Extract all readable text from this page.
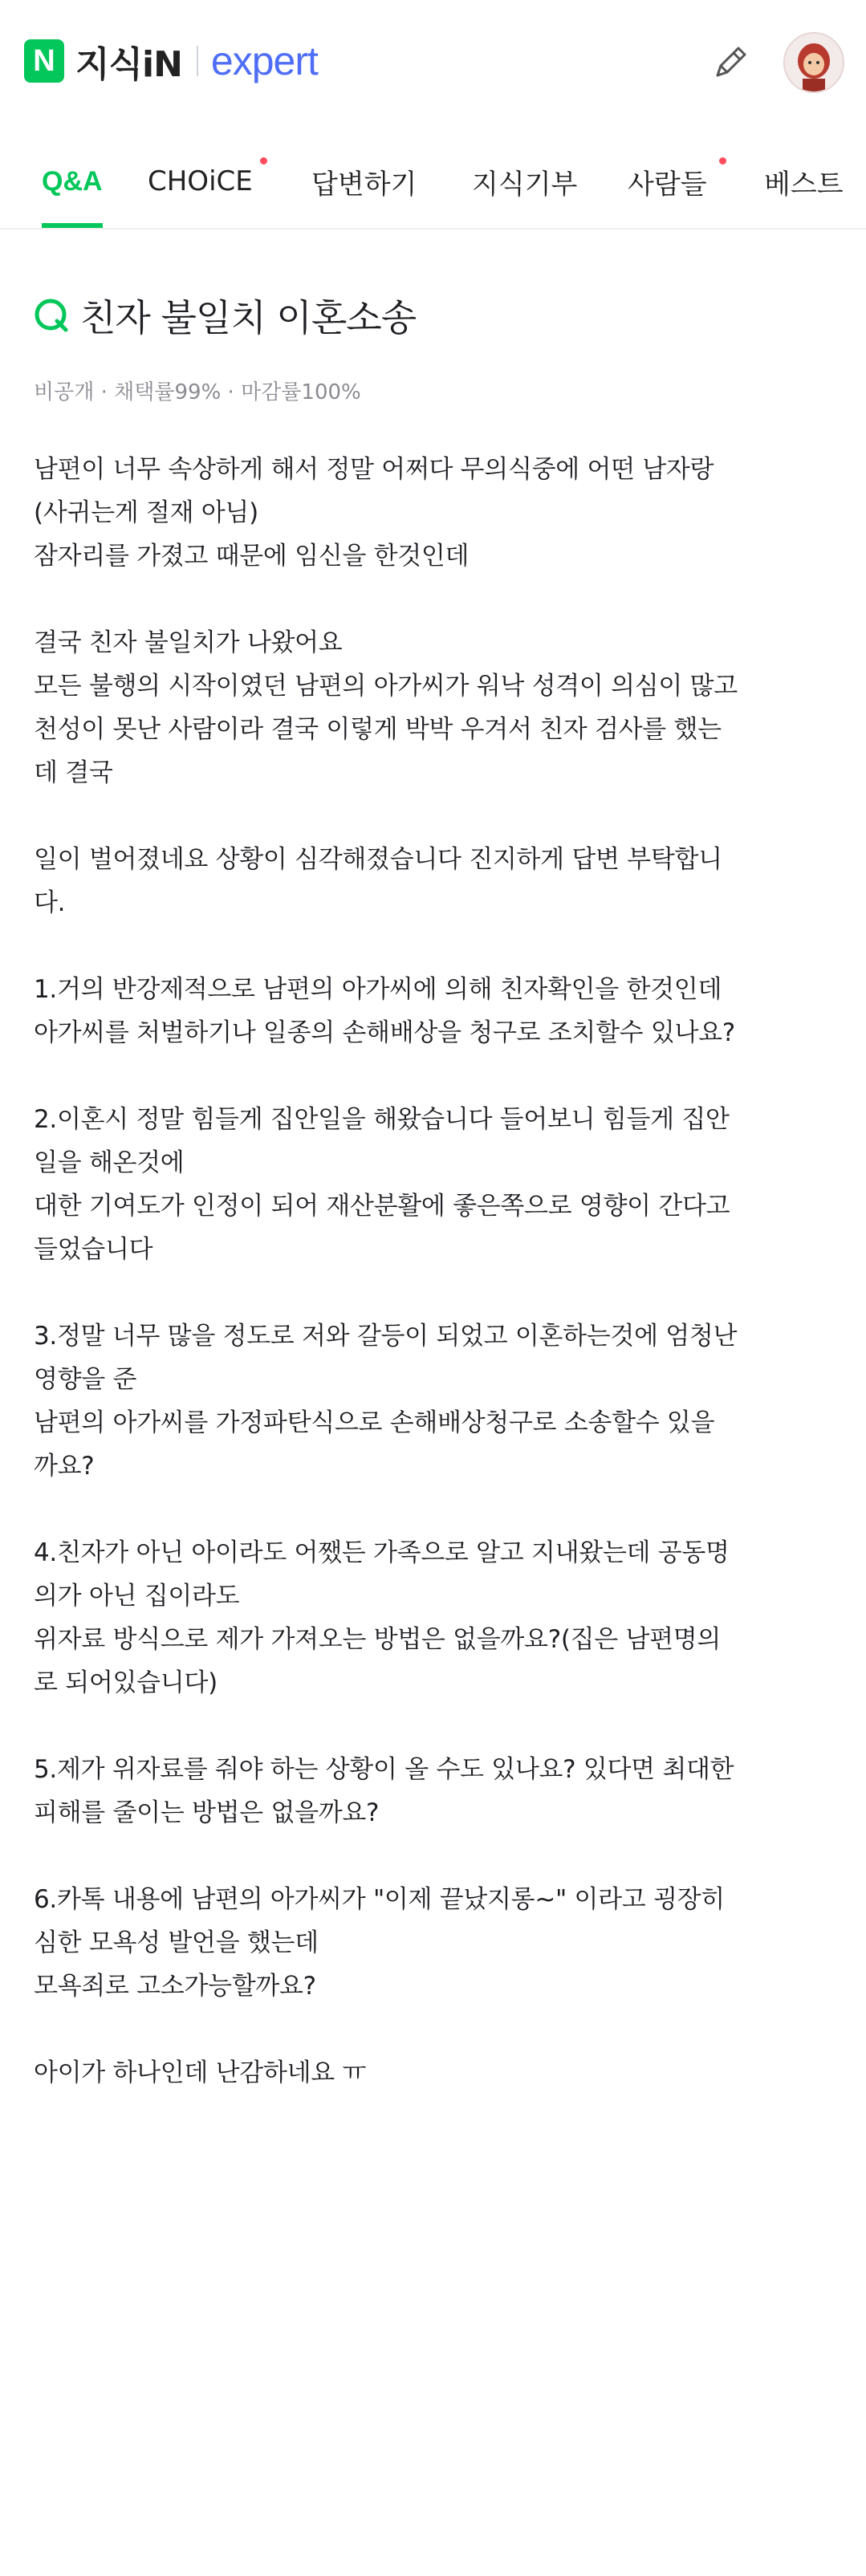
N 지식iN expert
Q&A CHOiCE 답변하기 지식기부 사람들 베스트
친자 불일치 이혼소송
비공개 · 채택률99% · 마감률100%
남편이 너무 속상하게 해서 정말 어쩌다 무의식중에 어떤 남자랑
(사귀는게 절재 아님)
잠자리를 가졌고 때문에 임신을 한것인데
결국 친자 불일치가 나왔어요
모든 불행의 시작이였던 남편의 아가씨가 워낙 성격이 의심이 많고
천성이 못난 사람이라 결국 이렇게 박박 우겨서 친자 검사를 했는
데 결국
일이 벌어졌네요 상황이 심각해졌습니다 진지하게 답변 부탁합니
다.
1.거의 반강제적으로 남편의 아가씨에 의해 친자확인을 한것인데
아가씨를 처벌하기나 일종의 손해배상을 청구로 조치할수 있나요?
2.이혼시 정말 힘들게 집안일을 해왔습니다 들어보니 힘들게 집안
일을 해온것에
대한 기여도가 인정이 되어 재산분활에 좋은쪽으로 영향이 간다고
들었습니다
3.정말 너무 많을 정도로 저와 갈등이 되었고 이혼하는것에 엄청난
영향을 준
남편의 아가씨를 가정파탄식으로 손해배상청구로 소송할수 있을
까요?
4.친자가 아닌 아이라도 어쨌든 가족으로 알고 지내왔는데 공동명
의가 아닌 집이라도
위자료 방식으로 제가 가져오는 방법은 없을까요?(집은 남편명의
로 되어있습니다)
5.제가 위자료를 줘야 하는 상황이 올 수도 있나요? 있다면 최대한
피해를 줄이는 방법은 없을까요?
6.카톡 내용에 남편의 아가씨가 "이제 끝났지롱~" 이라고 굉장히
심한 모욕성 발언을 했는데
모욕죄로 고소가능할까요?
아이가 하나인데 난감하네요 ㅠ
